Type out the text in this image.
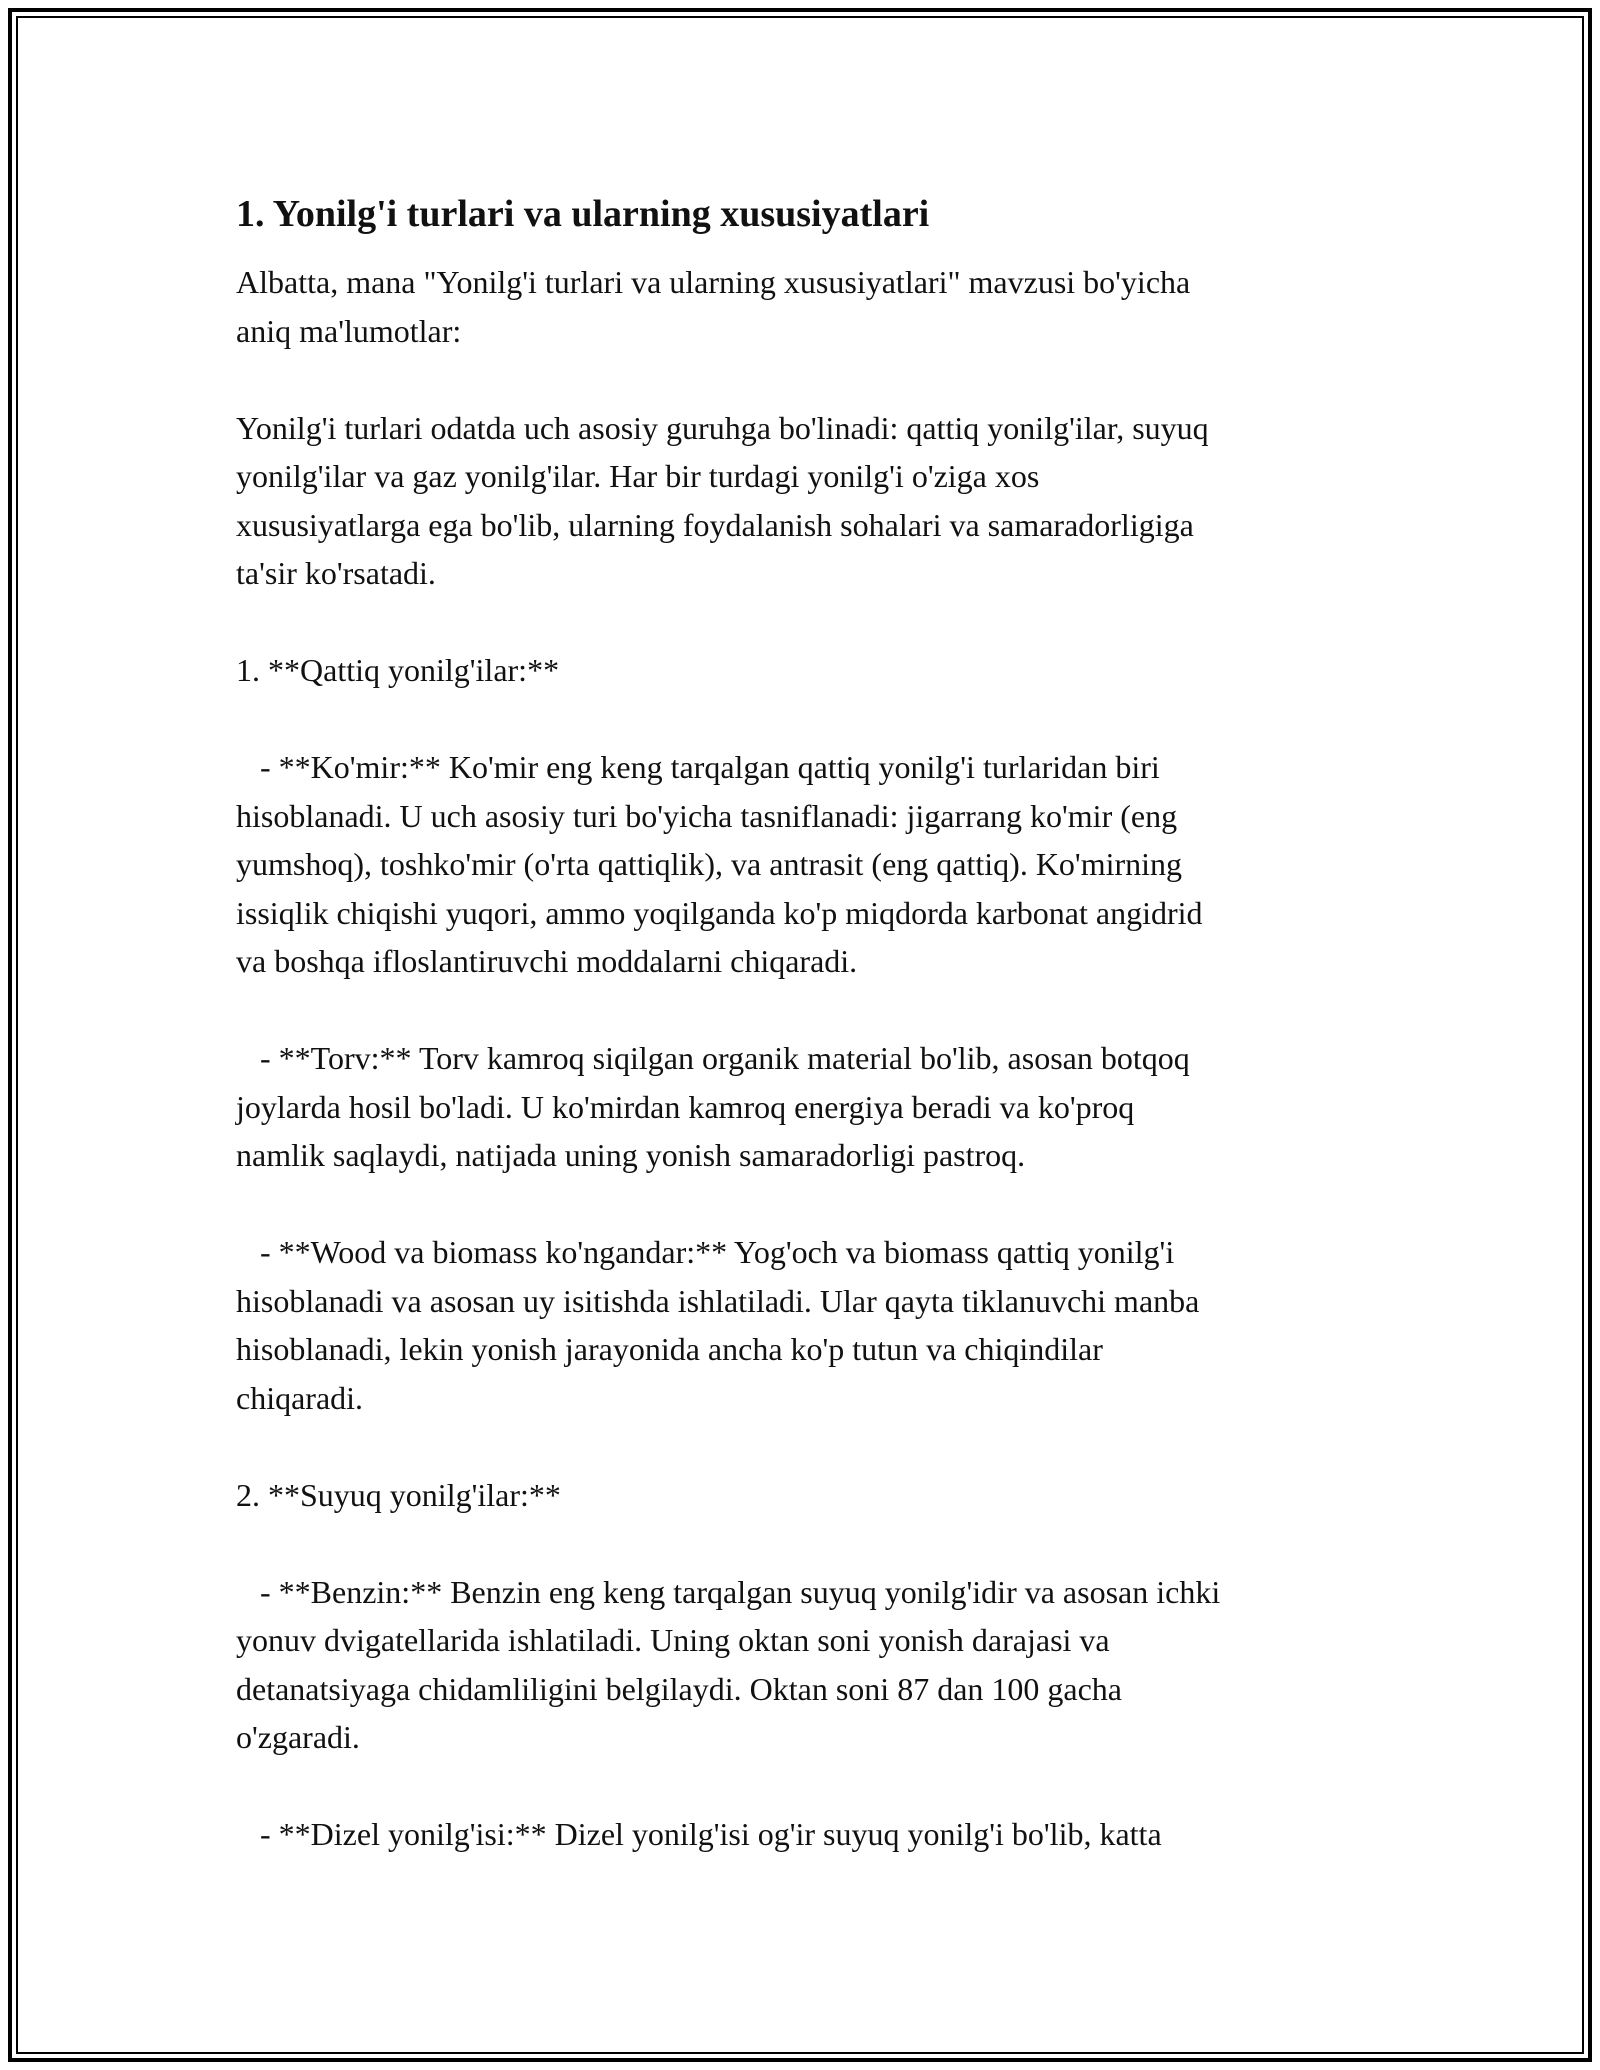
1. Yonilg'i turlari va ularning xususiyatlari

Albatta, mana "Yonilg'i turlari va ularning xususiyatlari" mavzusi bo'yicha
aniq ma'lumotlar:

Yonilg'i turlari odatda uch asosiy guruhga bo'linadi: qattiq yonilg'ilar, suyuq
yonilg'ilar va gaz yonilg'ilar. Har bir turdagi yonilg'i o'ziga xos
xususiyatlarga ega bo'lib, ularning foydalanish sohalari va samaradorligiga
ta'sir ko'rsatadi.

1. **Qattiq yonilg'ilar:**

- **Ko'mir:** Ko'mir eng keng tarqalgan qattiq yonilg'i turlaridan biri
hisoblanadi. U uch asosiy turi bo'yicha tasniflanadi: jigarrang ko'mir (eng
yumshoq), toshko'mir (o'rta qattiqlik), va antrasit (eng qattiq). Ko'mirning
issiqlik chiqishi yuqori, ammo yoqilganda ko'p miqdorda karbonat angidrid
va boshqa ifloslantiruvchi moddalarni chiqaradi.

- **Torv:** Torv kamroq siqilgan organik material bo'lib, asosan botqoq
joylarda hosil bo'ladi. U ko'mirdan kamroq energiya beradi va ko'proq
namlik saqlaydi, natijada uning yonish samaradorligi pastroq.

- **Wood va biomass ko'ngandar:** Yog'och va biomass qattiq yonilg'i
hisoblanadi va asosan uy isitishda ishlatiladi. Ular qayta tiklanuvchi manba
hisoblanadi, lekin yonish jarayonida ancha ko'p tutun va chiqindilar
chiqaradi.

2. **Suyuq yonilg'ilar:**

- **Benzin:** Benzin eng keng tarqalgan suyuq yonilg'idir va asosan ichki
yonuv dvigatellarida ishlatiladi. Uning oktan soni yonish darajasi va
detanatsiyaga chidamliligini belgilaydi. Oktan soni 87 dan 100 gacha
o'zgaradi.

- **Dizel yonilg'isi:** Dizel yonilg'isi og'ir suyuq yonilg'i bo'lib, katta
